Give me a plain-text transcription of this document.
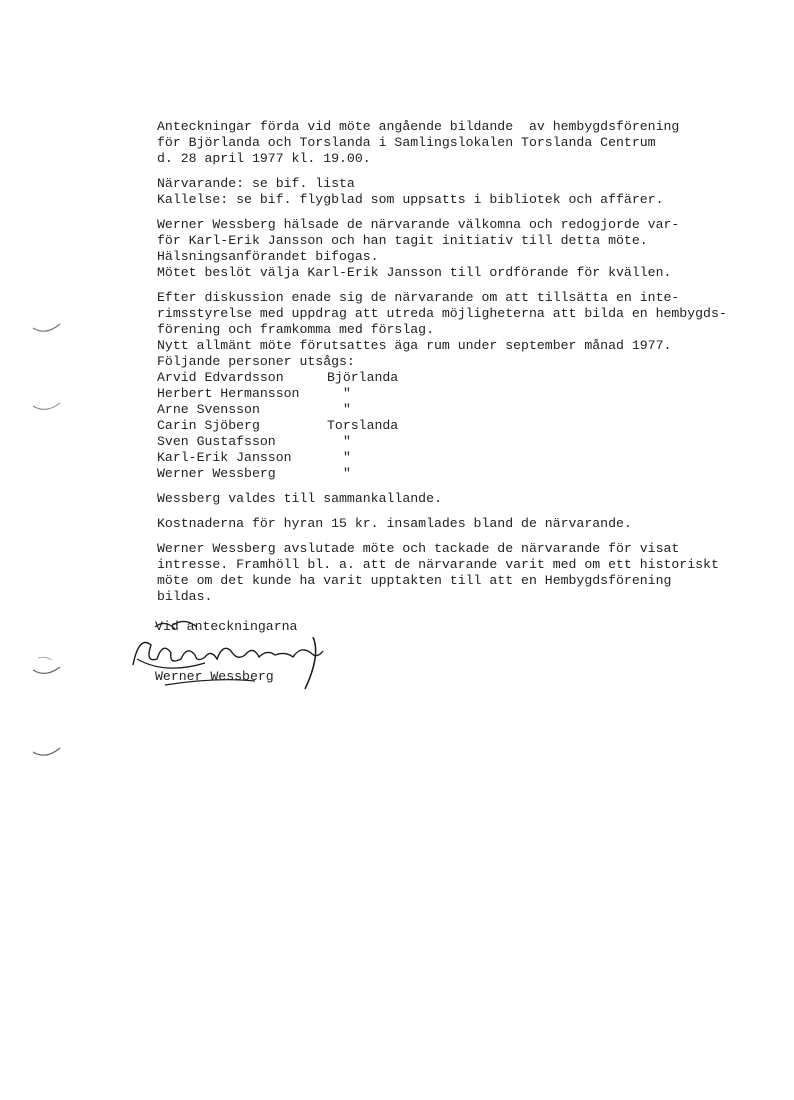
Anteckningar förda vid möte angående bildande  av hembygdsförening
för Björlanda och Torslanda i Samlingslokalen Torslanda Centrum
d. 28 april 1977 kl. 19.00.
Närvarande: se bif. lista
Kallelse: se bif. flygblad som uppsatts i bibliotek och affärer.
Werner Wessberg hälsade de närvarande välkomna och redogjorde var-
för Karl-Erik Jansson och han tagit initiativ till detta möte.
Hälsningsanförandet bifogas.
Mötet beslöt välja Karl-Erik Jansson till ordförande för kvällen.
Efter diskussion enade sig de närvarande om att tillsätta en inte-
rimsstyrelse med uppdrag att utreda möjligheterna att bilda en hembygds-
förening och framkomma med förslag.
Nytt allmänt möte förutsattes äga rum under september månad 1977.
Följande personer utsågs:
Arvid Edvardsson	Björlanda
Herbert Hermansson	"
Arne Svensson	"
Carin Sjöberg	Torslanda
Sven Gustafsson	"
Karl-Erik Jansson	"
Werner Wessberg	"
Wessberg valdes till sammankallande.
Kostnaderna för hyran 15 kr. insamlades bland de närvarande.
Werner Wessberg avslutade möte och tackade de närvarande för visat
intresse. Framhöll bl. a. att de närvarande varit med om ett historiskt
möte om det kunde ha varit upptakten till att en Hembygdsförening
bildas.
Vid anteckningarna
Werner Wessberg
